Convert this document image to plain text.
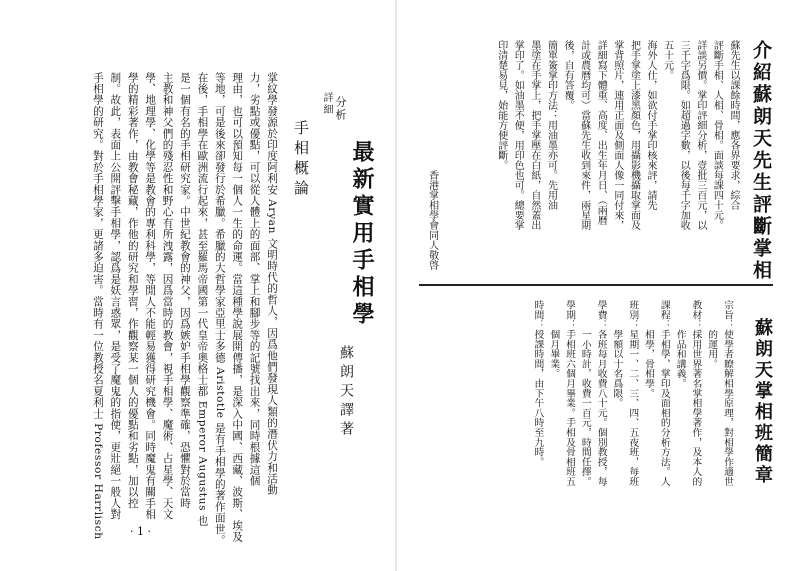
掌紋學發源於印度阿利安 Aryan 文明時代的哲人，因爲他們發現人類的潛伏力和活動
力，劣點或優點，可以從人體上的面部、掌上和腳步等的記號找出來，同時根據這個
理由，也可以預知每一個人一生的命運。當這種學說展開傳播，是深入中國、西藏、波斯、埃及
等地，可是後來卻發行於希臘。希臘的大哲學家亞里士多德 Aristotle 是有手相學的著作面世。
在後，手相學在歐洲流行起來，甚至羅馬帝國第一代皇帝奧格士都 Emperor Augustus 也
是一個有名的手相研究家。中世紀教會的神父，因爲嫉妒手相學觀察準確，恐懼對於當時
主教和神父們的殘忍性和野心有所洩露，因爲當時的教會，視手相學、魔術、占星學、天文
學、地理學、化學等是教會的專利科學，等閒人不能輕易獲得研究機會。同時魔鬼有關手相
學的精彩著作，由教會秘藏，作他的研究和學習，作觀察某一個人的優點和劣點，加以控
制。故此，表面上公開評擊手相學，認爲是妖言惑眾，是受了魔鬼的指使，更壯絕一般人對
手相學的研究。對於手相學家，更諸多迫害。當時有一位教授名夏利士 Professor Harrlisch	手相概論
詳細 分析
最新實用手相學
蘇朗天譯著
· 1 ·
介紹蘇朗天先生評斷掌相
蘇先生以課餘時間，應各界要求，綜合
評斷手相、人相、骨相。面談每課四十元。
詳談另價。掌印評細分析，壹批三百元，以
三千字爲限。如超過字數，以後每千字加收
五十元。
海外人仕，如欲付手掌印核來評，請先
把手掌塗上漆黑顏色，用攝影機攝取掌面及
掌背照片，連用正面及側面人像一同付來，
詳細寫下體重、高度、出生年月日、（兩曆
計或農曆均可）當蘇先生收到來件，兩星期
後，自有答覆。
簡單簽掌印方法：用油墨亦可。先用油
墨塗在手掌上，把手掌壓在白紙，自然蓋出
掌印了。如油墨不便，用印色也可。總要掌
印清楚易見，始能方便評斷。
香港掌相學會同人敬啓
蘇朗天掌相班簡章
宗旨：使學者瞭解相學原理，對相學作適世
　　　的運用。
教材：採用世界著名掌相學著作，及本人的
　　　作品和講義。
課程：手相學，掌印及面相的分析方法。人
　　　相學，骨相學。
班別：星期一、二、三、四、五夜班，每班
　　　學額以十名爲限。
學費：各班每月收費八十元。個別教授，每
　　　一小時計，收費一百元，時間任擇。
學期：手相班六個月畢業。手相及骨相班五
　　　個月畢業。
時間：授課時間，由下午八時至九時。
